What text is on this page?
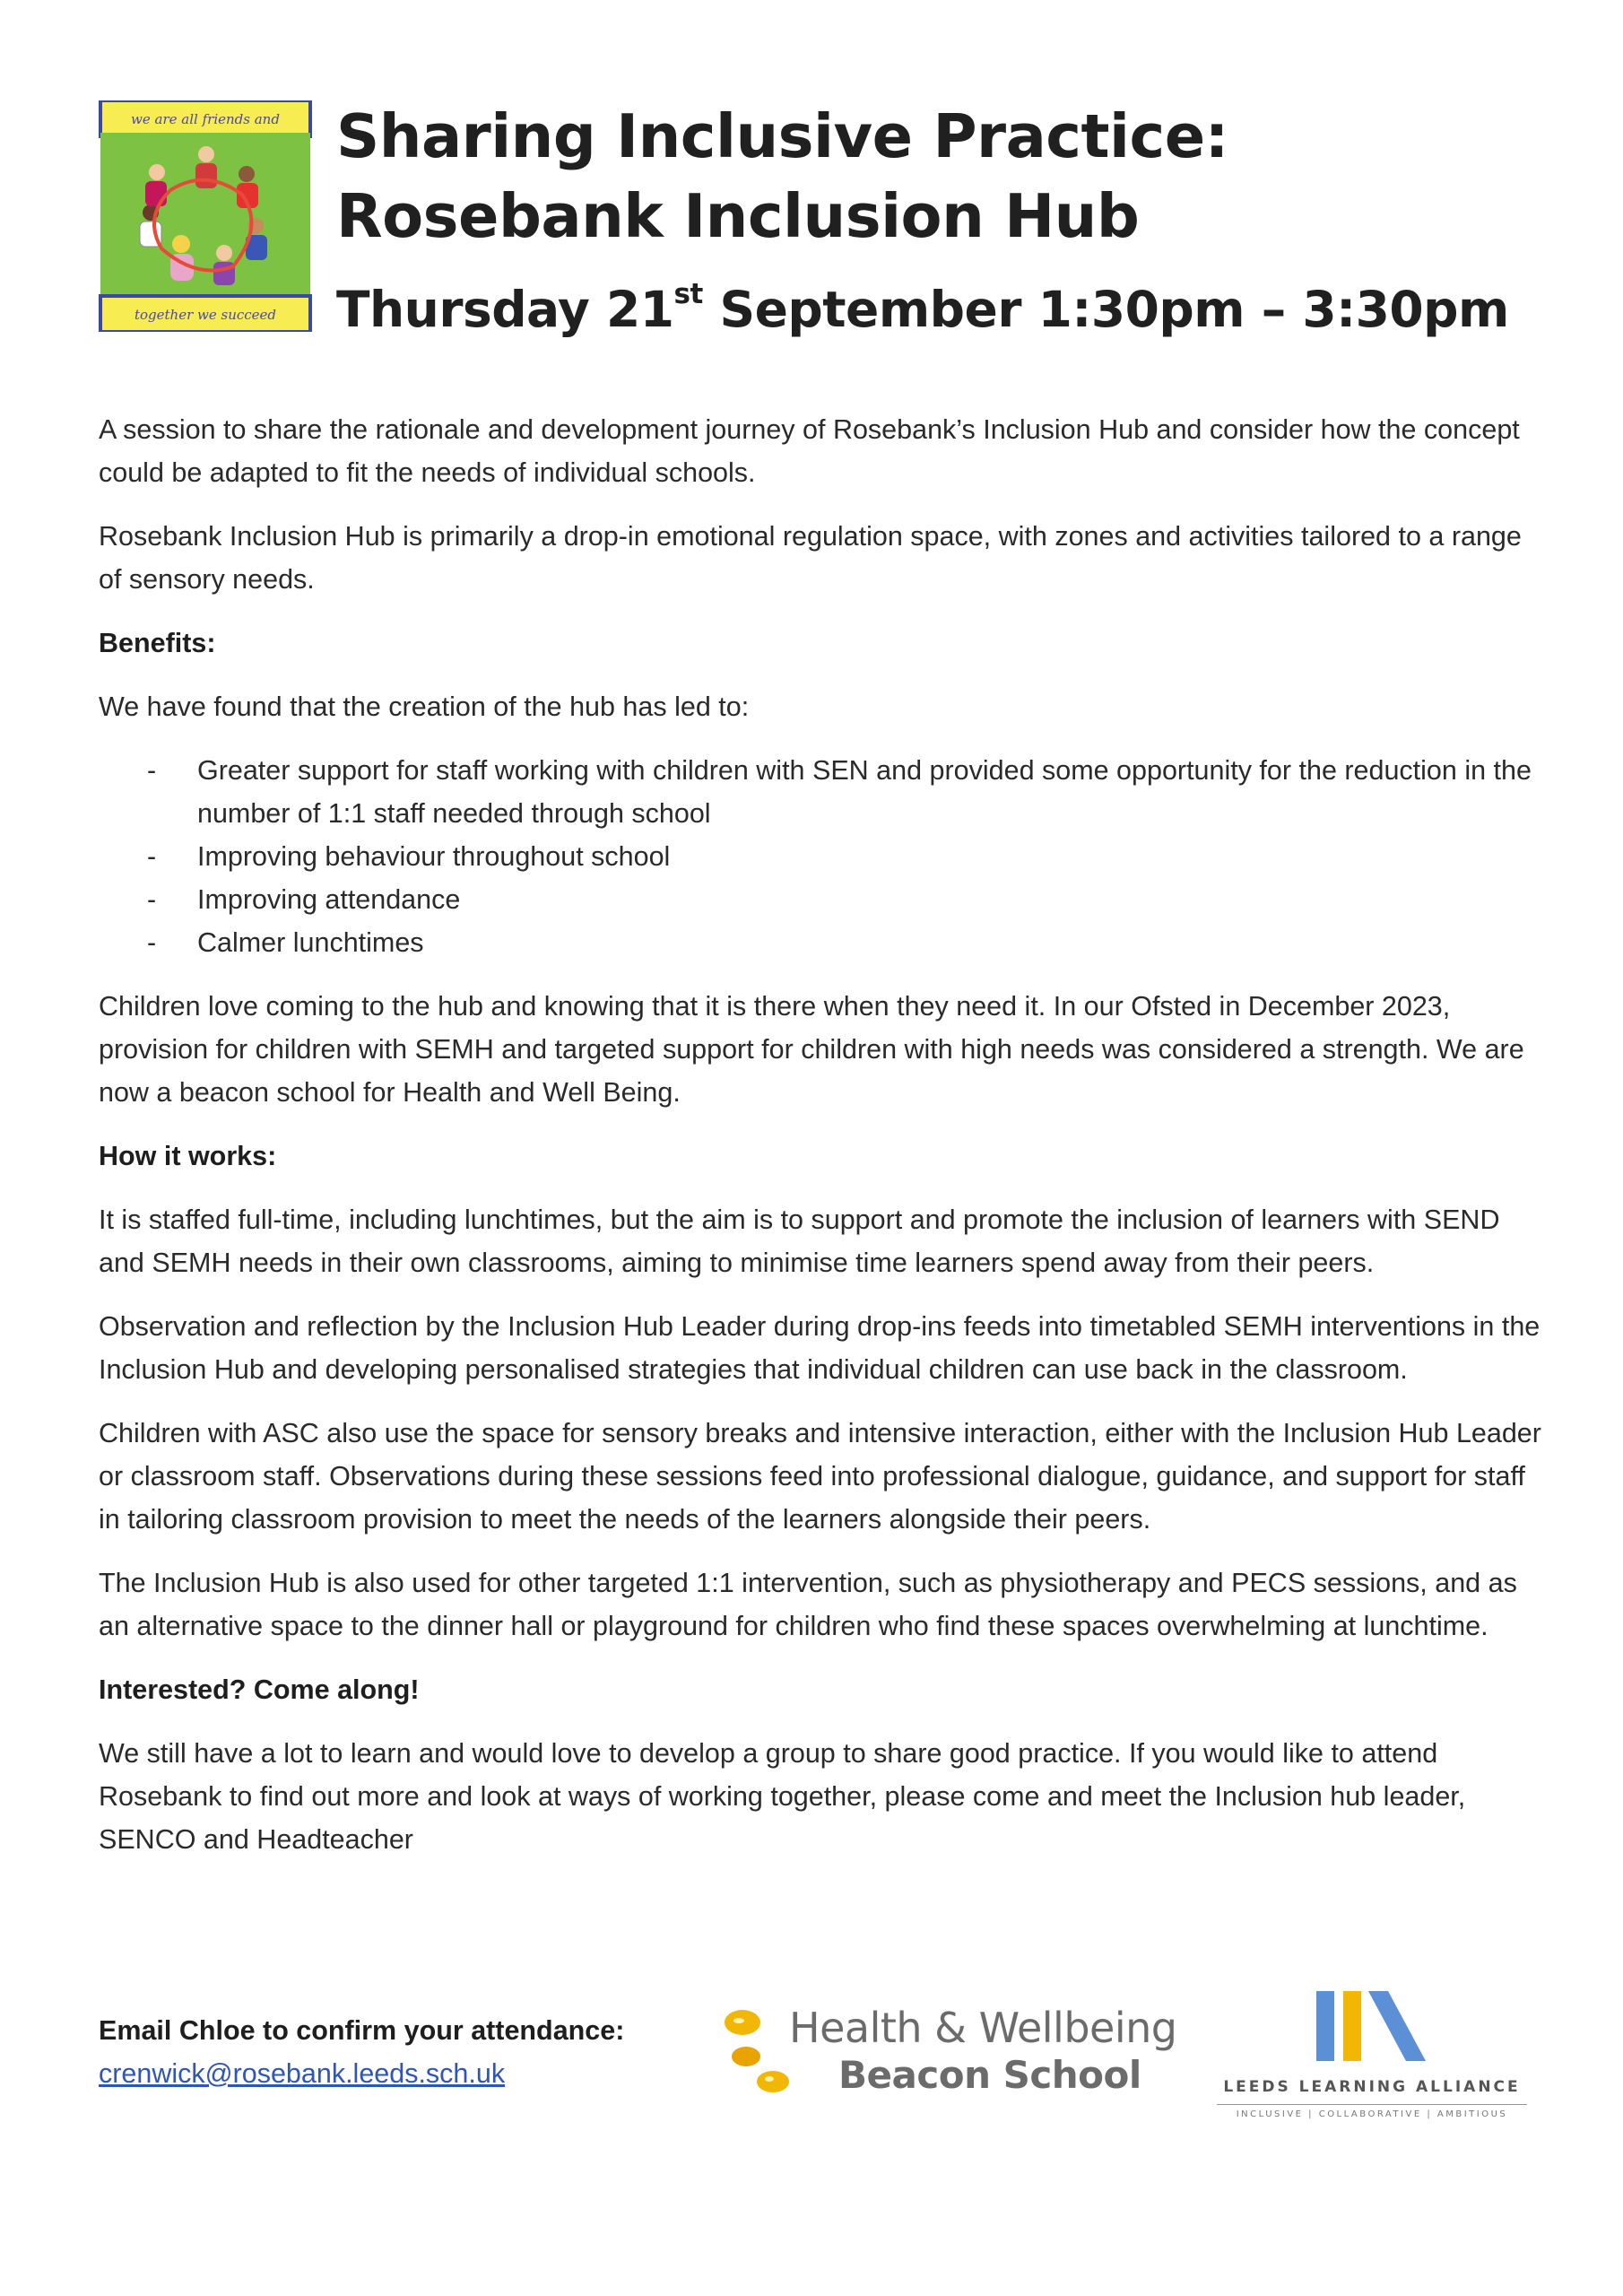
we are all friends and
together we succeed
Sharing Inclusive Practice: Rosebank Inclusion Hub
Thursday 21st September 1:30pm – 3:30pm

A session to share the rationale and development journey of Rosebank’s Inclusion Hub and consider how the concept could be adapted to fit the needs of individual schools.

Rosebank Inclusion Hub is primarily a drop-in emotional regulation space, with zones and activities tailored to a range of sensory needs.

Benefits:

We have found that the creation of the hub has led to:

- Greater support for staff working with children with SEN and provided some opportunity for the reduction in the number of 1:1 staff needed through school
- Improving behaviour throughout school
- Improving attendance
- Calmer lunchtimes

Children love coming to the hub and knowing that it is there when they need it. In our Ofsted in December 2023, provision for children with SEMH and targeted support for children with high needs was considered a strength. We are now a beacon school for Health and Well Being.

How it works:

It is staffed full-time, including lunchtimes, but the aim is to support and promote the inclusion of learners with SEND and SEMH needs in their own classrooms, aiming to minimise time learners spend away from their peers.

Observation and reflection by the Inclusion Hub Leader during drop-ins feeds into timetabled SEMH interventions in the Inclusion Hub and developing personalised strategies that individual children can use back in the classroom.

Children with ASC also use the space for sensory breaks and intensive interaction, either with the Inclusion Hub Leader or classroom staff. Observations during these sessions feed into professional dialogue, guidance, and support for staff in tailoring classroom provision to meet the needs of the learners alongside their peers.

The Inclusion Hub is also used for other targeted 1:1 intervention, such as physiotherapy and PECS sessions, and as an alternative space to the dinner hall or playground for children who find these spaces overwhelming at lunchtime.

Interested? Come along!

We still have a lot to learn and would love to develop a group to share good practice. If you would like to attend Rosebank to find out more and look at ways of working together, please come and meet the Inclusion hub leader, SENCO and Headteacher

Email Chloe to confirm your attendance:
crenwick@rosebank.leeds.sch.uk
Health & Wellbeing
Beacon School	LEEDS LEARNING ALLIANCE
INCLUSIVE | COLLABORATIVE | AMBITIOUS
